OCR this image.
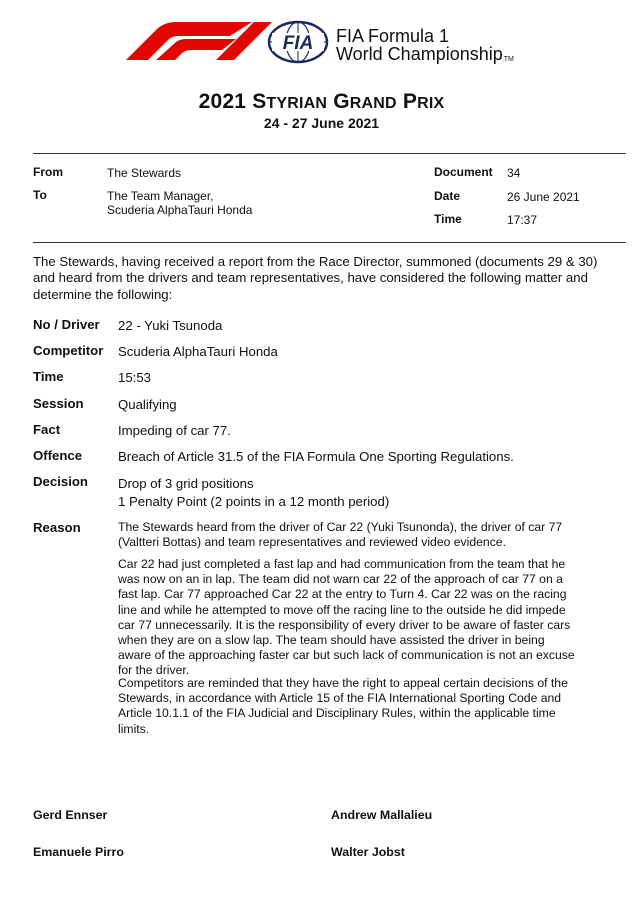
FIA FIA Formula 1
World ChampionshipTM
2021 STYRIAN GRAND PRIX
24 - 27 June 2021
From	The Stewards
To	The Team Manager,
Scuderia AlphaTauri Honda
Document 34
Date	26 June 2021
Time	17:37
The Stewards, having received a report from the Race Director, summoned (documents 29 & 30)
and heard from the drivers and team representatives, have considered the following matter and
determine the following:
No / Driver 22 - Yuki Tsunoda
Competitor Scuderia AlphaTauri Honda
Time	15:53
Session	Qualifying
Fact	Impeding of car 77.
Offence	Breach of Article 31.5 of the FIA Formula One Sporting Regulations.
Decision Drop of 3 grid positions
1 Penalty Point (2 points in a 12 month period)
Reason	The Stewards heard from the driver of Car 22 (Yuki Tsunonda), the driver of car 77
(Valtteri Bottas) and team representatives and reviewed video evidence.
Car 22 had just completed a fast lap and had communication from the team that he
was now on an in lap. The team did not warn car 22 of the approach of car 77 on a
fast lap. Car 77 approached Car 22 at the entry to Turn 4. Car 22 was on the racing
line and while he attempted to move off the racing line to the outside he did impede
car 77 unnecessarily. It is the responsibility of every driver to be aware of faster cars
when they are on a slow lap. The team should have assisted the driver in being
aware of the approaching faster car but such lack of communication is not an excuse
for the driver.
Competitors are reminded that they have the right to appeal certain decisions of the
Stewards, in accordance with Article 15 of the FIA International Sporting Code and
Article 10.1.1 of the FIA Judicial and Disciplinary Rules, within the applicable time
limits.
Gerd Ennser	Andrew Mallalieu
Emanuele Pirro	Walter Jobst
